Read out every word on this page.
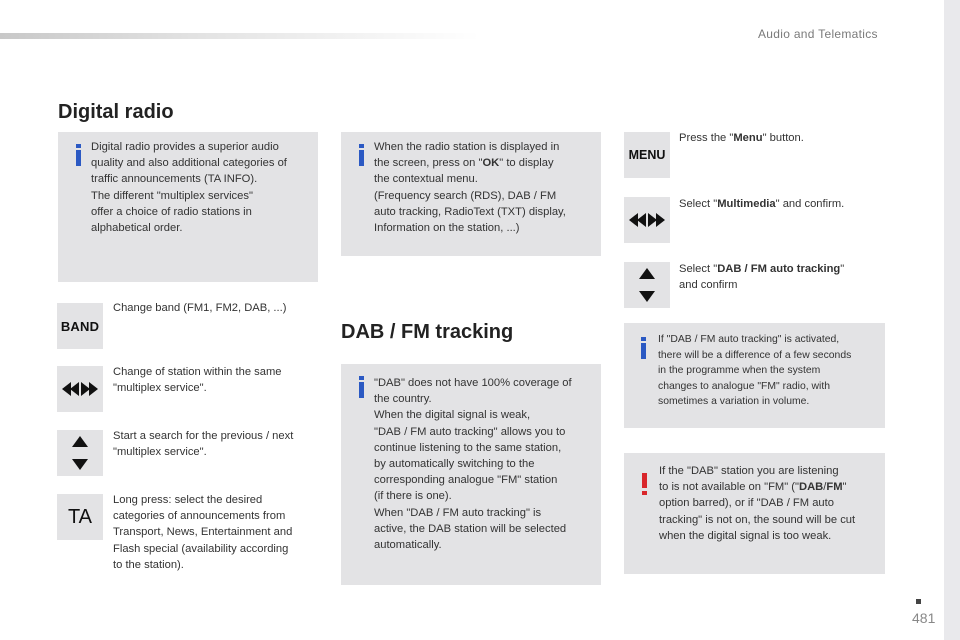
Audio and Telematics
Digital radio
Digital radio provides a superior audio
quality and also additional categories of
traffic announcements (TA INFO).
The different "multiplex services"
offer a choice of radio stations in
alphabetical order.
BAND
Change band (FM1, FM2, DAB, ...)
Change of station within the same
"multiplex service".
Start a search for the previous / next
"multiplex service".
TA
Long press: select the desired
categories of announcements from
Transport, News, Entertainment and
Flash special (availability according
to the station).
When the radio station is displayed in
the screen, press on "OK" to display
the contextual menu.
(Frequency search (RDS), DAB / FM
auto tracking, RadioText (TXT) display,
Information on the station, ...)
DAB / FM tracking
"DAB" does not have 100% coverage of
the country.
When the digital signal is weak,
"DAB / FM auto tracking" allows you to
continue listening to the same station,
by automatically switching to the
corresponding analogue "FM" station
(if there is one).
When "DAB / FM auto tracking" is
active, the DAB station will be selected
automatically.
MENU
Press the "Menu" button.
Select "Multimedia" and confirm.
Select "DAB / FM auto tracking"
and confirm
If "DAB / FM auto tracking" is activated,
there will be a difference of a few seconds
in the programme when the system
changes to analogue "FM" radio, with
sometimes a variation in volume.
If the "DAB" station you are listening
to is not available on "FM" ("DAB/FM"
option barred), or if "DAB / FM auto
tracking" is not on, the sound will be cut
when the digital signal is too weak.
481
